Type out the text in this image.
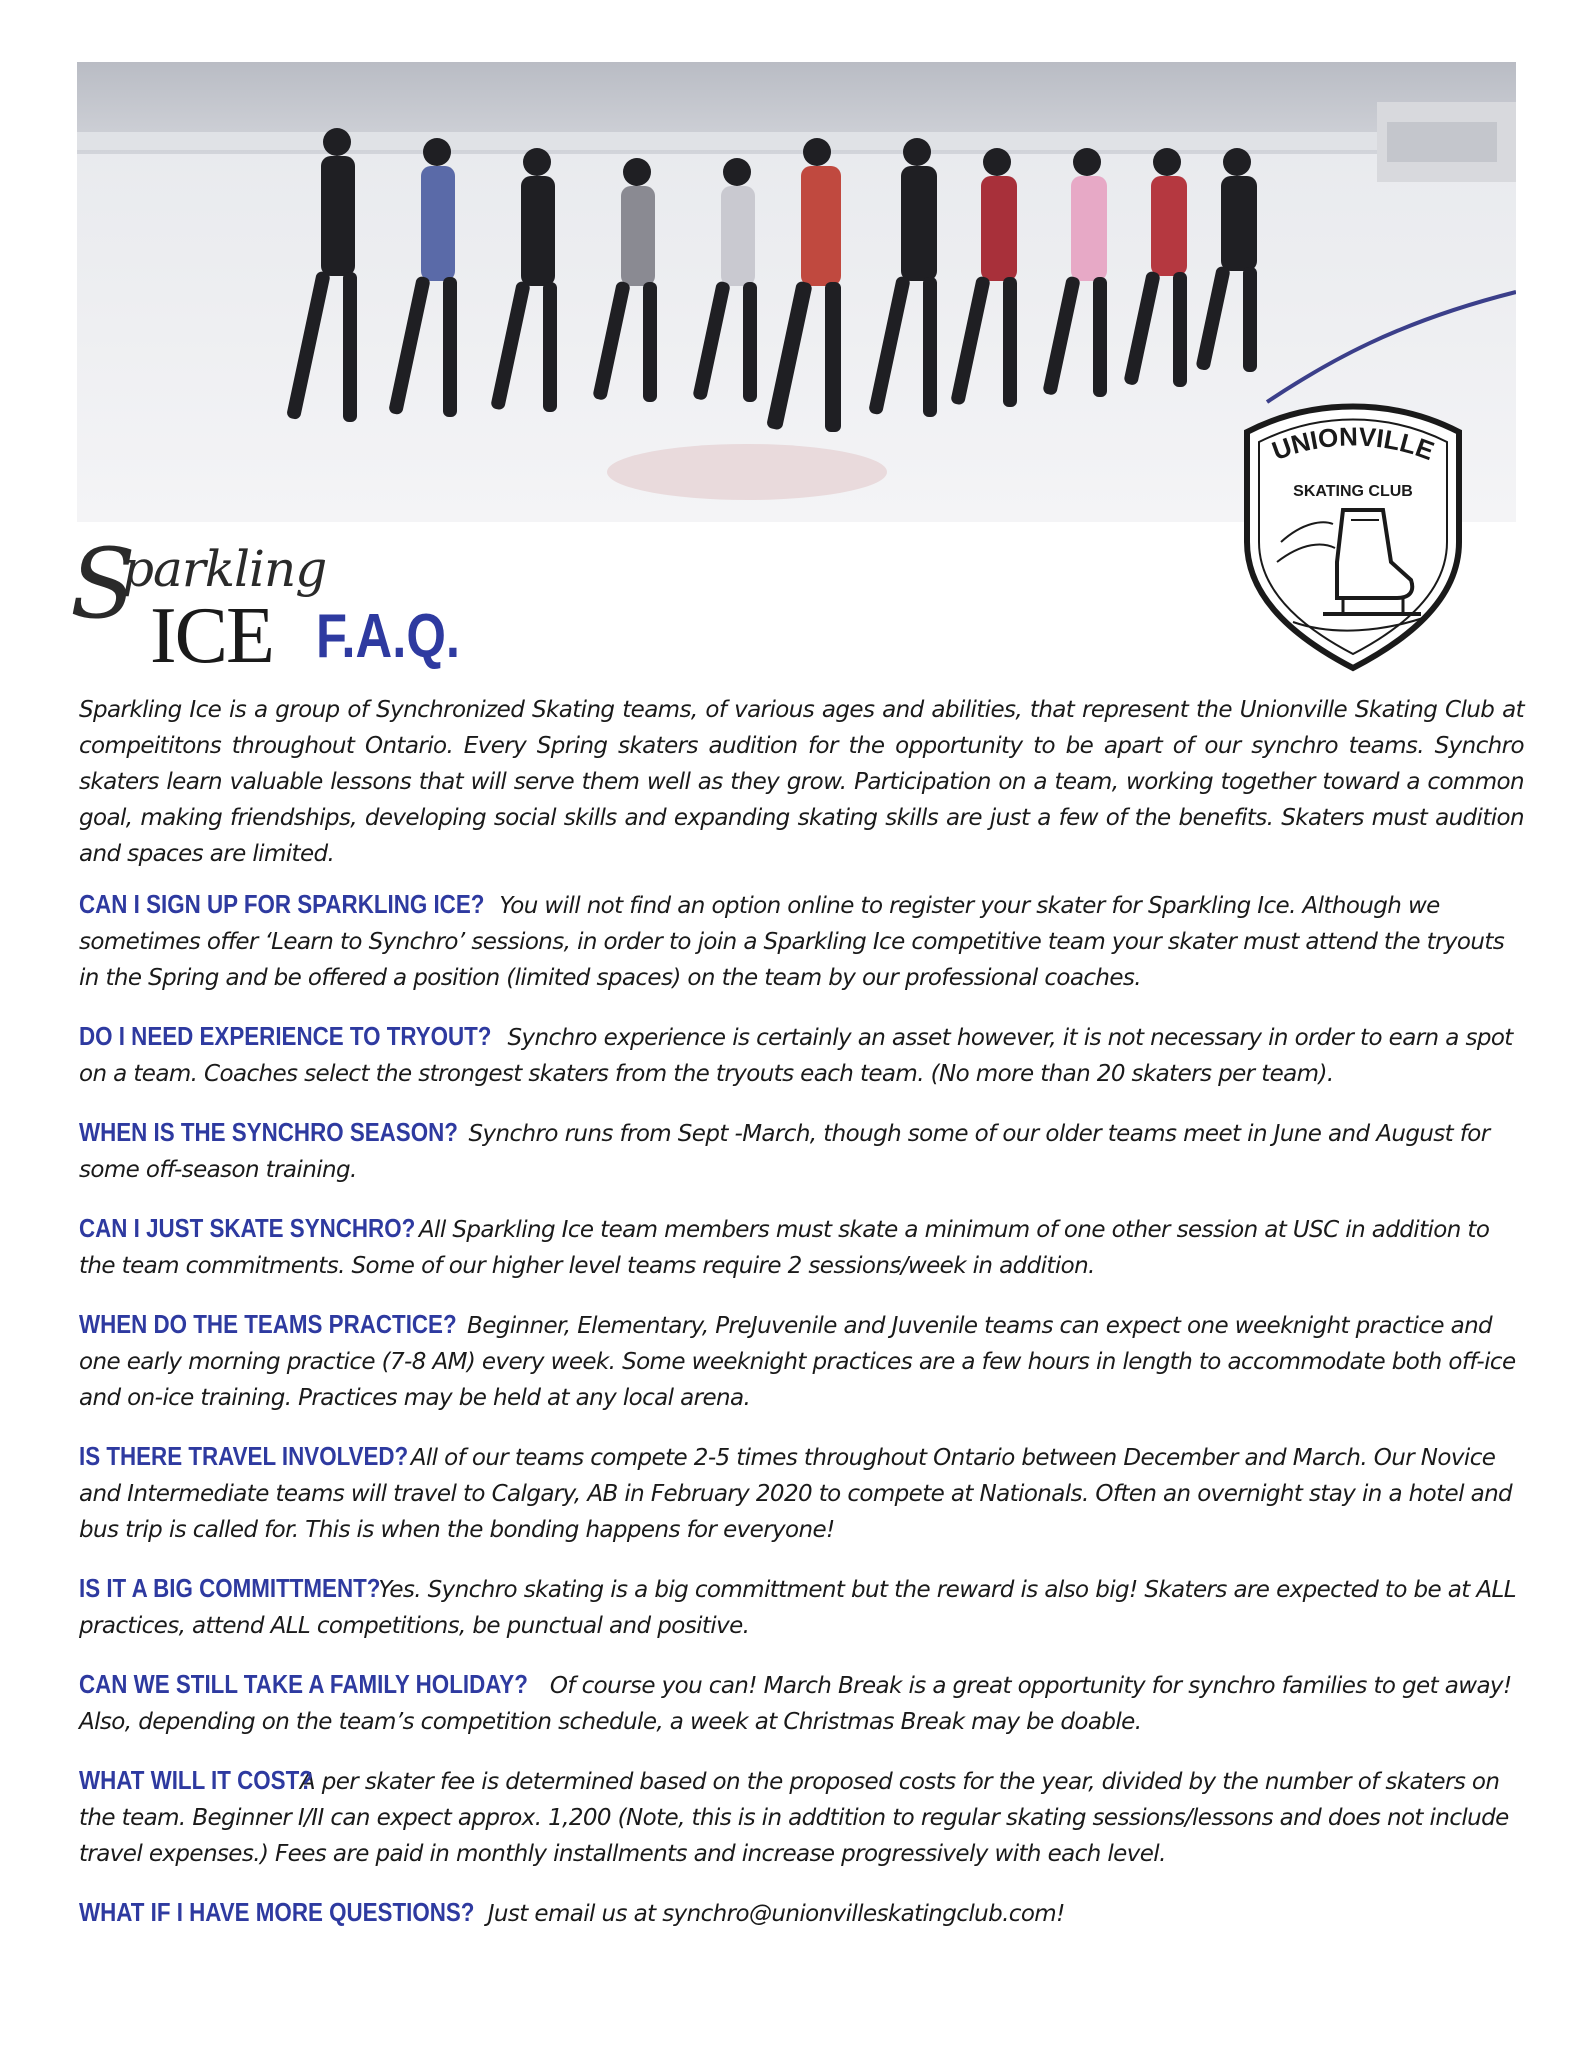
UNIONVILLE
SKATING CLUB
S
parkling
ICE F.A.Q.

Sparkling Ice is a group of Synchronized Skating teams, of various ages and abilities, that represent the Unionville Skating Club at compeititons throughout Ontario. Every Spring skaters audition for the opportunity to be apart of our synchro teams. Synchro skaters learn valuable lessons that will serve them well as they grow. Participation on a team, working together toward a common goal, making friendships, developing social skills and expanding skating skills are just a few of the benefits. Skaters must audition and spaces are limited.

CAN I SIGN UP FOR SPARKLING ICE? You will not find an option online to register your skater for Sparkling Ice. Although we sometimes offer ‘Learn to Synchro’ sessions, in order to join a Sparkling Ice competitive team your skater must attend the tryouts in the Spring and be offered a position (limited spaces) on the team by our professional coaches.

DO I NEED EXPERIENCE TO TRYOUT? Synchro experience is certainly an asset however, it is not necessary in order to earn a spot on a team. Coaches select the strongest skaters from the tryouts each team. (No more than 20 skaters per team).

WHEN IS THE SYNCHRO SEASON? Synchro runs from Sept -March, though some of our older teams meet in June and August for some off-season training.

CAN I JUST SKATE SYNCHRO? All Sparkling Ice team members must skate a minimum of one other session at USC in addition to the team commitments. Some of our higher level teams require 2 sessions/week in addition.

WHEN DO THE TEAMS PRACTICE? Beginner, Elementary, PreJuvenile and Juvenile teams can expect one weeknight practice and one early morning practice (7-8 AM) every week. Some weeknight practices are a few hours in length to accommodate both off-ice and on-ice training. Practices may be held at any local arena.

IS THERE TRAVEL INVOLVED? All of our teams compete 2-5 times throughout Ontario between December and March. Our Novice and Intermediate teams will travel to Calgary, AB in February 2020 to compete at Nationals. Often an overnight stay in a hotel and bus trip is called for. This is when the bonding happens for everyone!

IS IT A BIG COMMITTMENT? Yes. Synchro skating is a big committment but the reward is also big! Skaters are expected to be at ALL practices, attend ALL competitions, be punctual and positive.

CAN WE STILL TAKE A FAMILY HOLIDAY? Of course you can! March Break is a great opportunity for synchro families to get away! Also, depending on the team’s competition schedule, a week at Christmas Break may be doable.

WHAT WILL IT COST? A per skater fee is determined based on the proposed costs for the year, divided by the number of skaters on the team. Beginner I/II can expect approx. 1,200 (Note, this is in addtition to regular skating sessions/lessons and does not include travel expenses.) Fees are paid in monthly installments and increase progressively with each level.

WHAT IF I HAVE MORE QUESTIONS? Just email us at synchro@unionvilleskatingclub.com!
